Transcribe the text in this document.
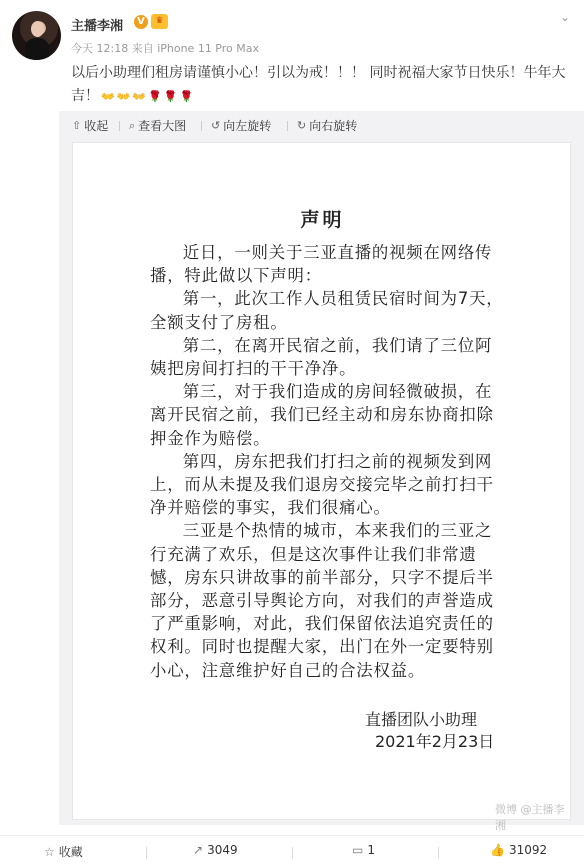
主播李湘	V	♛
今天 12:18 来自 iPhone 11 Pro Max
⌄
以后小助理们租房请谨慎小心！引以为戒！！！ 同时祝福大家节日快乐！牛年大吉！ 👐 👐 👐 🌹 🌹 🌹
⇧ 收起 ⌕ 查看大图 ↺ 向左旋转 ↻ 向右旋转
声明

近日，一则关于三亚直播的视频在网络传播，特此做以下声明：

第一，此次工作人员租赁民宿时间为7天，全额支付了房租。

第二，在离开民宿之前，我们请了三位阿姨把房间打扫的干干净净。

第三，对于我们造成的房间轻微破损，在离开民宿之前，我们已经主动和房东协商扣除押金作为赔偿。

第四，房东把我们打扫之前的视频发到网上，而从未提及我们退房交接完毕之前打扫干净并赔偿的事实，我们很痛心。

三亚是个热情的城市，本来我们的三亚之行充满了欢乐，但是这次事件让我们非常遗憾，房东只讲故事的前半部分，只字不提后半部分，恶意引导舆论方向，对我们的声誉造成了严重影响，对此，我们保留依法追究责任的权利。同时也提醒大家，出门在外一定要特别小心，注意维护好自己的合法权益。

直播团队小助理
2021年2月23日
微博 @主播李湘
☆ 收藏	↗ 3049	▭ 1	👍 31092
